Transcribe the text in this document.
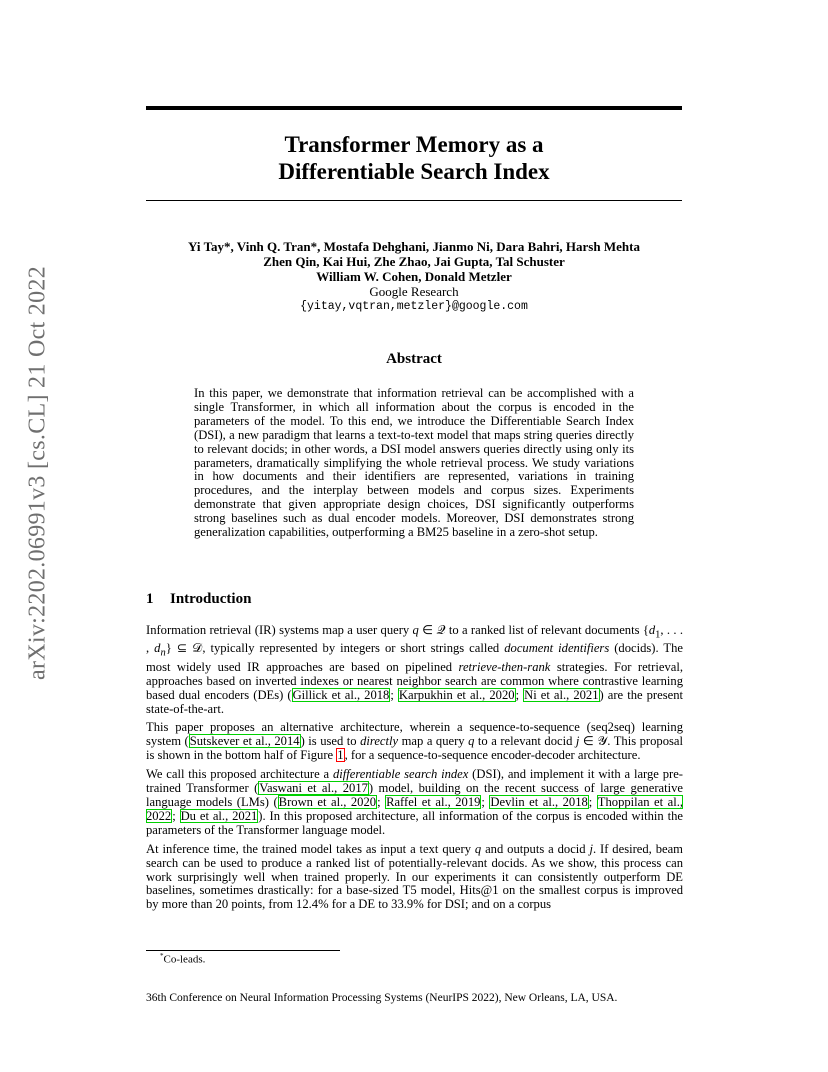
arXiv:2202.06991v3 [cs.CL] 21 Oct 2022
Transformer Memory as a
Differentiable Search Index
Yi Tay*, Vinh Q. Tran*, Mostafa Dehghani, Jianmo Ni, Dara Bahri, Harsh Mehta
Zhen Qin, Kai Hui, Zhe Zhao, Jai Gupta, Tal Schuster
William W. Cohen, Donald Metzler
Google Research
{yitay,vqtran,metzler}@google.com
Abstract
In this paper, we demonstrate that information retrieval can be accomplished with a single Transformer, in which all information about the corpus is encoded in the parameters of the model. To this end, we introduce the Differentiable Search Index (DSI), a new paradigm that learns a text-to-text model that maps string queries directly to relevant docids; in other words, a DSI model answers queries directly using only its parameters, dramatically simplifying the whole retrieval process. We study variations in how documents and their identifiers are represented, variations in training procedures, and the interplay between models and corpus sizes. Experiments demonstrate that given appropriate design choices, DSI significantly outperforms strong baselines such as dual encoder models. Moreover, DSI demonstrates strong generalization capabilities, outperforming a BM25 baseline in a zero-shot setup.
1 Introduction

Information retrieval (IR) systems map a user query q ∈ 𝒬 to a ranked list of relevant documents {$d_1$, . . . , $d_n$} ⊆ 𝒟, typically represented by integers or short strings called document identifiers (docids). The most widely used IR approaches are based on pipelined retrieve-then-rank strategies. For retrieval, approaches based on inverted indexes or nearest neighbor search are common where contrastive learning based dual encoders (DEs) (Gillick et al., 2018; Karpukhin et al., 2020; Ni et al., 2021) are the present state-of-the-art.

This paper proposes an alternative architecture, wherein a sequence-to-sequence (seq2seq) learning system (Sutskever et al., 2014) is used to directly map a query q to a relevant docid j ∈ 𝒴. This proposal is shown in the bottom half of Figure 1, for a sequence-to-sequence encoder-decoder architecture.

We call this proposed architecture a differentiable search index (DSI), and implement it with a large pre-trained Transformer (Vaswani et al., 2017) model, building on the recent success of large generative language models (LMs) (Brown et al., 2020; Raffel et al., 2019; Devlin et al., 2018; Thoppilan et al., 2022; Du et al., 2021). In this proposed architecture, all information of the corpus is encoded within the parameters of the Transformer language model.

At inference time, the trained model takes as input a text query q and outputs a docid j. If desired, beam search can be used to produce a ranked list of potentially-relevant docids. As we show, this process can work surprisingly well when trained properly. In our experiments it can consistently outperform DE baselines, sometimes drastically: for a base-sized T5 model, Hits@1 on the smallest corpus is improved by more than 20 points, from 12.4% for a DE to 33.9% for DSI; and on a corpus

*Co-leads.
36th Conference on Neural Information Processing Systems (NeurIPS 2022), New Orleans, LA, USA.
